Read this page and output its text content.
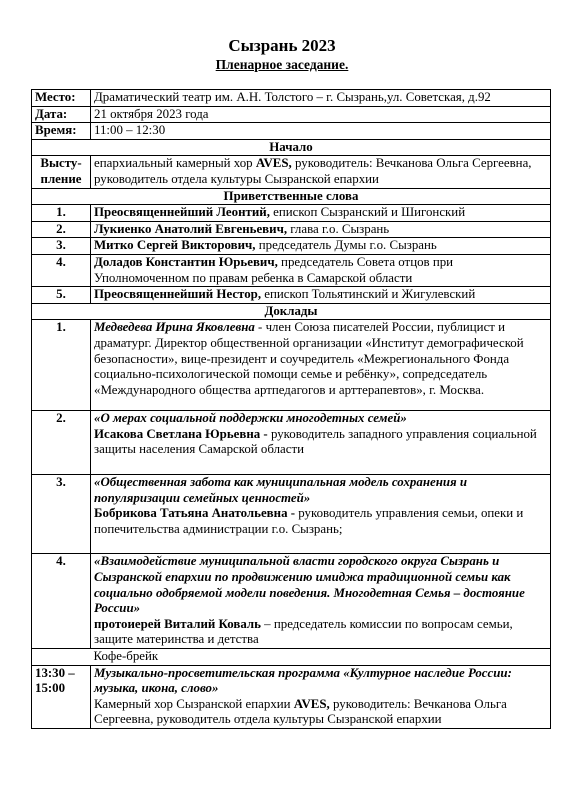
Сызрань 2023
Пленарное заседание.
Место:	Драматический театр им. А.Н. Толстого – г. Сызрань,ул. Советская, д.92
Дата:	21 октября 2023 года
Время:	11:00 – 12:30
Начало	
Высту-
пление	епархиальный камерный хор AVES, руководитель: Вечканова Ольга Сергеевна, руководитель отдела культуры Сызранской епархии
Приветственные слова	
1.	Преосвященнейший Леонтий, епископ Сызранский и Шигонский
2.	Лукиенко Анатолий Евгеньевич, глава г.о. Сызрань
3.	Митко Сергей Викторович, председатель Думы г.о. Сызрань
4.	Доладов Константин Юрьевич, председатель Совета отцов при Уполномоченном по правам ребенка в Самарской области
5.	Преосвященнейший Нестор, епископ Тольятинский и Жигулевский
Доклады	
1.	Медведева Ирина Яковлевна - член Союза писателей России, публицист и драматург. Директор общественной организации «Институт демографической безопасности», вице-президент и соучредитель «Межрегионального Фонда социально-психологической помощи семье и ребёнку», сопредседатель «Международного общества артпедагогов и арттерапевтов», г. Москва.

2.	«О мерах социальной поддержки многодетных семей»
Исакова Светлана Юрьевна - руководитель западного управления социальной защиты населения Самарской области

3.	«Общественная забота как муниципальная модель сохранения и популяризации семейных ценностей»
Бобрикова Татьяна Анатольевна - руководитель управления семьи, опеки и попечительства администрации г.о. Сызрань;

4.	«Взаимодействие муниципальной власти городского округа Сызрань и Сызранской епархии по продвижению имиджа традиционной семьи как социально одобряемой модели поведения. Многодетная Семья – достояние России»
протоиерей Виталий Коваль – председатель комиссии по вопросам семьи, защите материнства и детства
	Кофе-брейк
13:30 – 15:00	Музыкально-просветительская программа «Културное наследие России: музыка, икона, слово»
Камерный хор Сызранской епархии AVES, руководитель: Вечканова Ольга Сергеевна, руководитель отдела культуры Сызранской епархии
